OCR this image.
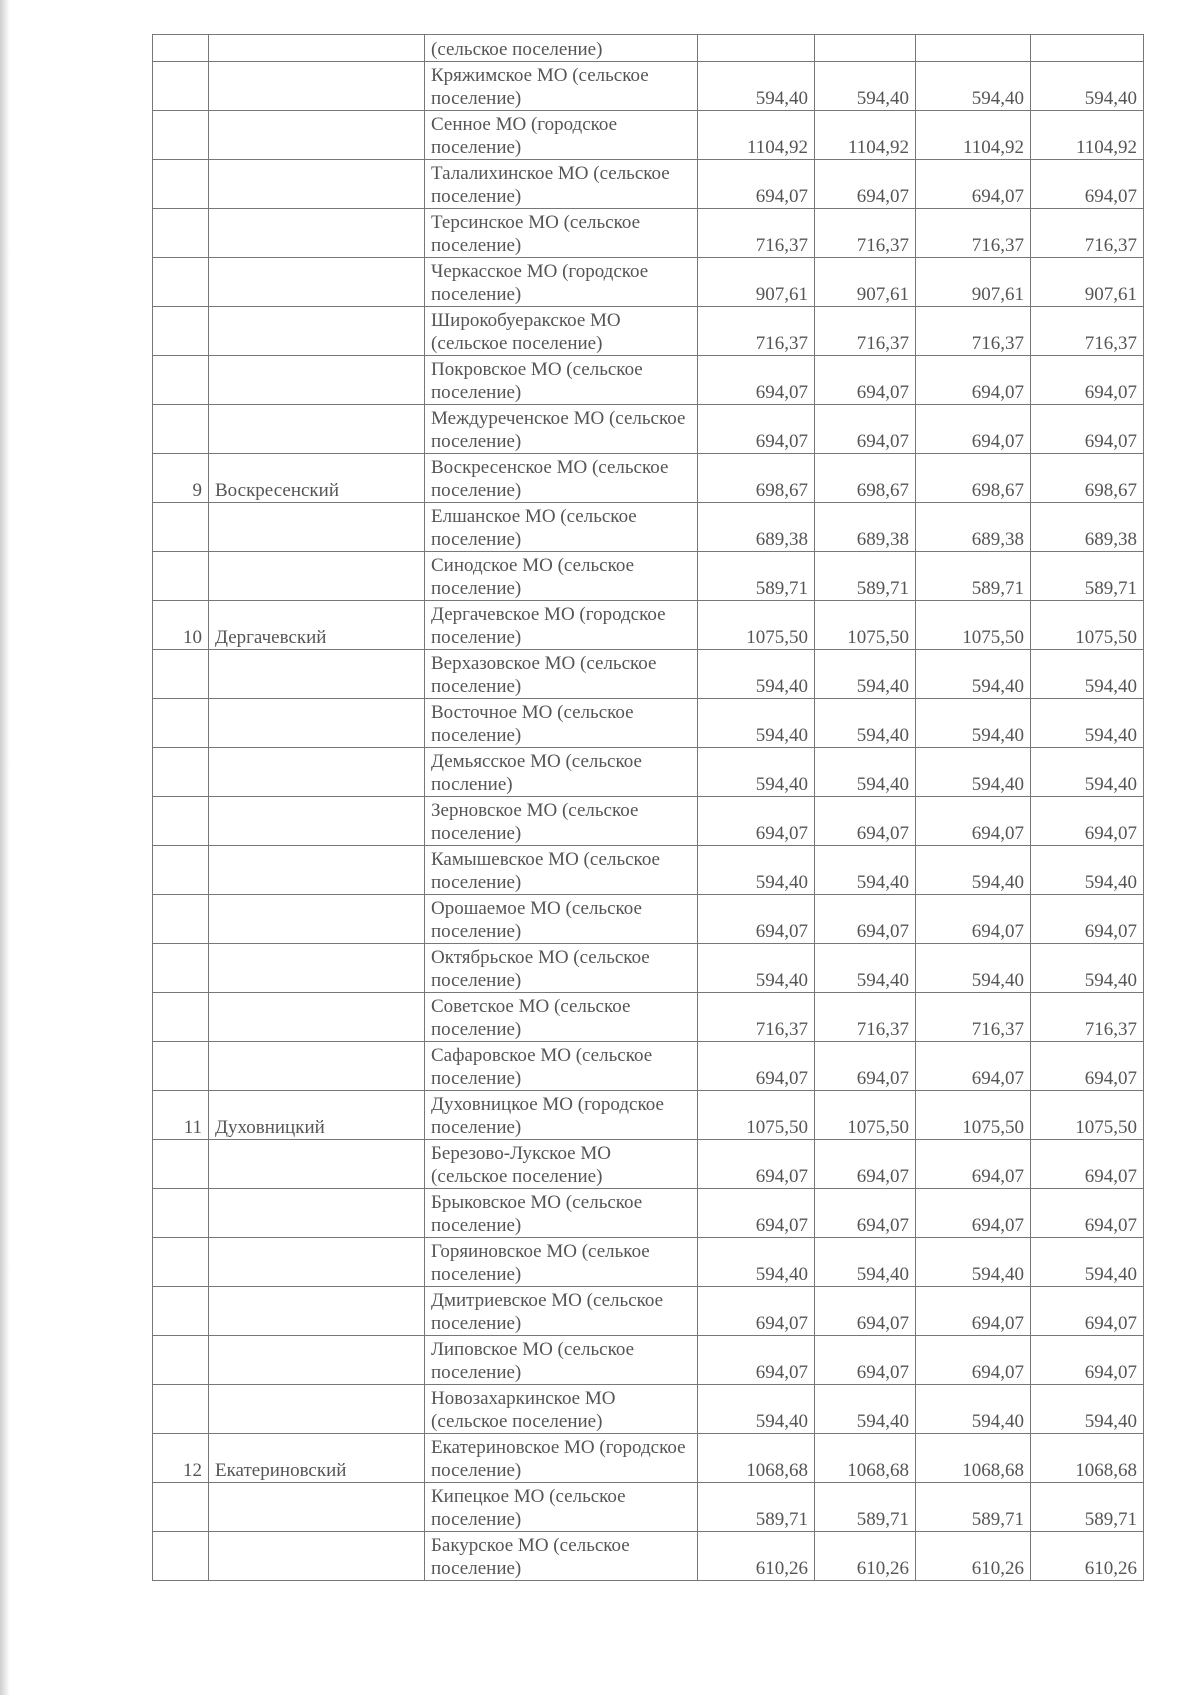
		(сельское поселение)				
		Кряжимское МО (сельское поселение)	594,40	594,40	594,40	594,40
		Сенное МО (городское поселение)	1104,92	1104,92	1104,92	1104,92
		Талалихинское МО (сельское поселение)	694,07	694,07	694,07	694,07
		Терсинское МО (сельское поселение)	716,37	716,37	716,37	716,37
		Черкасское МО (городское поселение)	907,61	907,61	907,61	907,61
		Широкобуеракское МО (сельское поселение)	716,37	716,37	716,37	716,37
		Покровское МО (сельское поселение)	694,07	694,07	694,07	694,07
		Междуреченское МО (сельское поселение)	694,07	694,07	694,07	694,07
9	Воскресенский	Воскресенское МО (сельское поселение)	698,67	698,67	698,67	698,67
		Елшанское МО (сельское поселение)	689,38	689,38	689,38	689,38
		Синодское МО (сельское поселение)	589,71	589,71	589,71	589,71
10	Дергачевский	Дергачевское МО (городское поселение)	1075,50	1075,50	1075,50	1075,50
		Верхазовское МО (сельское поселение)	594,40	594,40	594,40	594,40
		Восточное МО (сельское поселение)	594,40	594,40	594,40	594,40
		Демьясское МО (сельское посление)	594,40	594,40	594,40	594,40
		Зерновское МО (сельское поселение)	694,07	694,07	694,07	694,07
		Камышевское МО (сельское поселение)	594,40	594,40	594,40	594,40
		Орошаемое МО (сельское поселение)	694,07	694,07	694,07	694,07
		Октябрьское МО (сельское поселение)	594,40	594,40	594,40	594,40
		Советское МО (сельское поселение)	716,37	716,37	716,37	716,37
		Сафаровское МО (сельское поселение)	694,07	694,07	694,07	694,07
11	Духовницкий	Духовницкое МО (городское поселение)	1075,50	1075,50	1075,50	1075,50
		Березово-Лукское МО (сельское поселение)	694,07	694,07	694,07	694,07
		Брыковское МО (сельское поселение)	694,07	694,07	694,07	694,07
		Горяиновское МО (селькое поселение)	594,40	594,40	594,40	594,40
		Дмитриевское МО (сельское поселение)	694,07	694,07	694,07	694,07
		Липовское МО (сельское поселение)	694,07	694,07	694,07	694,07
		Новозахаркинское МО (сельское поселение)	594,40	594,40	594,40	594,40
12	Екатериновский	Екатериновское МО (городское поселение)	1068,68	1068,68	1068,68	1068,68
		Кипецкое МО (сельское поселение)	589,71	589,71	589,71	589,71
		Бакурское МО (сельское поселение)	610,26	610,26	610,26	610,26
